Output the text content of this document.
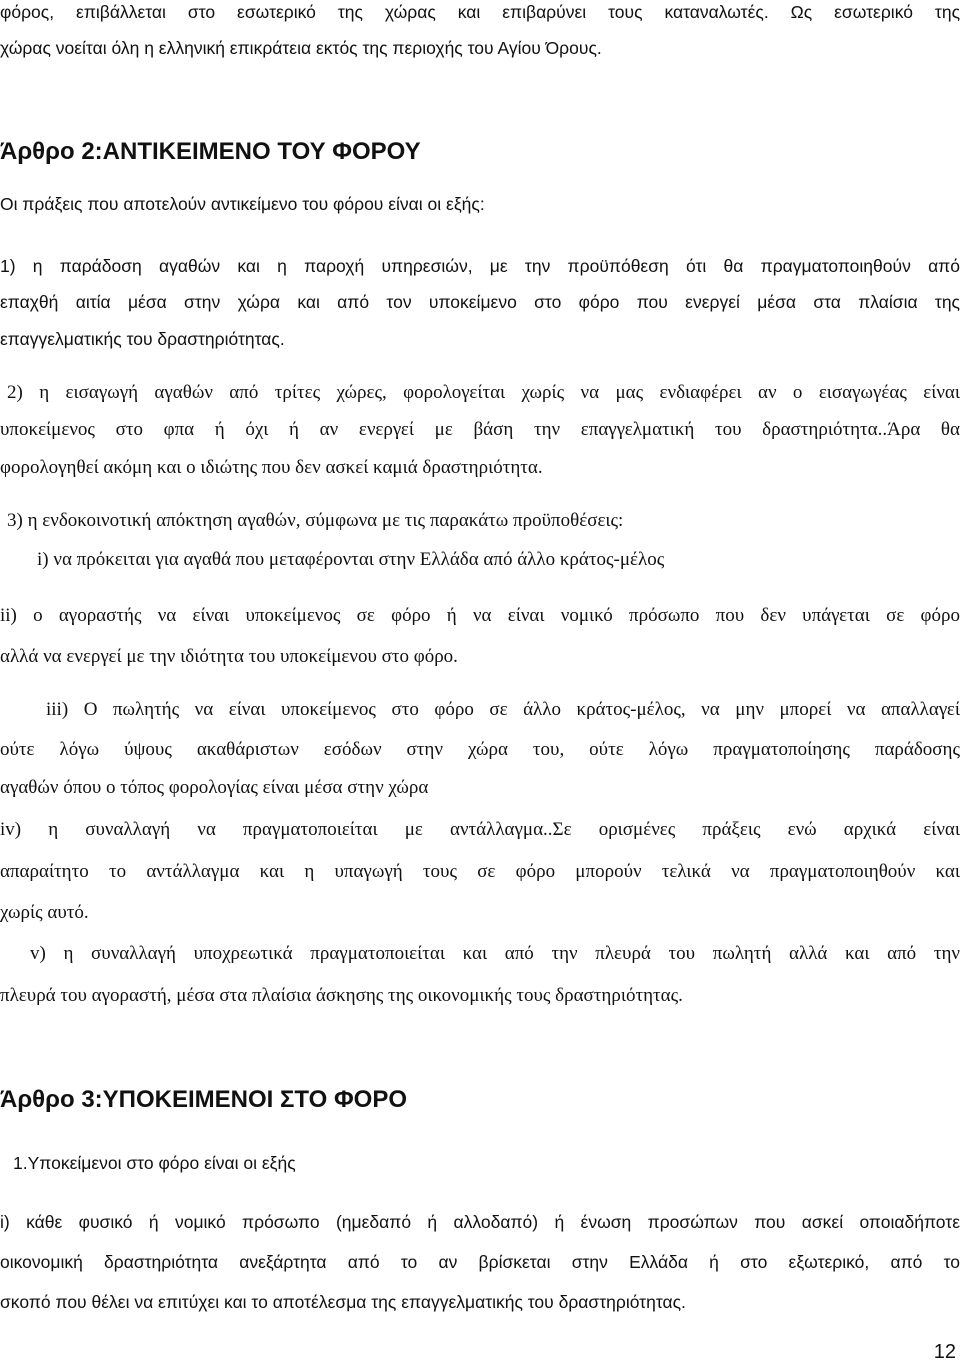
φόρος, επιβάλλεται στο εσωτερικό της χώρας και επιβαρύνει τους καταναλωτές. Ως εσωτερικό της

χώρας νοείται όλη η ελληνική επικράτεια εκτός της περιοχής του Αγίου Όρους.

Άρθρο 2:ΑΝΤΙΚΕΙΜΕΝΟ ΤΟΥ ΦΟΡΟΥ

Οι πράξεις που αποτελούν αντικείμενο του φόρου είναι οι εξής:

1) η παράδοση αγαθών και η παροχή υπηρεσιών, με την προϋπόθεση ότι θα πραγματοποιηθούν από

επαχθή αιτία μέσα στην χώρα και από τον υποκείμενο στο φόρο που ενεργεί μέσα στα πλαίσια της

επαγγελματικής του δραστηριότητας.

2) η εισαγωγή αγαθών από τρίτες χώρες, φορολογείται χωρίς να μας ενδιαφέρει αν ο εισαγωγέας είναι

υποκείμενος στο φπα ή όχι ή αν ενεργεί με βάση την επαγγελματική του δραστηριότητα..Άρα θα

φορολογηθεί ακόμη και ο ιδιώτης που δεν ασκεί καμιά δραστηριότητα.

3) η ενδοκοινοτική απόκτηση αγαθών, σύμφωνα με τις παρακάτω προϋποθέσεις:

i) να πρόκειται για αγαθά που μεταφέρονται στην Ελλάδα από άλλο κράτος-μέλος

ii) ο αγοραστής να είναι υποκείμενος σε φόρο ή να είναι νομικό πρόσωπο που δεν υπάγεται σε φόρο

αλλά να ενεργεί με την ιδιότητα του υποκείμενου στο φόρο.

iii) Ο πωλητής να είναι υποκείμενος στο φόρο σε άλλο κράτος-μέλος, να μην μπορεί να απαλλαγεί

ούτε λόγω ύψους ακαθάριστων εσόδων στην χώρα του, ούτε λόγω πραγματοποίησης παράδοσης

αγαθών όπου ο τόπος φορολογίας είναι μέσα στην χώρα

iv) η συναλλαγή να πραγματοποιείται με αντάλλαγμα..Σε ορισμένες πράξεις ενώ αρχικά είναι

απαραίτητο το αντάλλαγμα και η υπαγωγή τους σε φόρο μπορούν τελικά να πραγματοποιηθούν και

χωρίς αυτό.

v) η συναλλαγή υποχρεωτικά πραγματοποιείται και από την πλευρά του πωλητή αλλά και από την

πλευρά του αγοραστή, μέσα στα πλαίσια άσκησης της οικονομικής τους δραστηριότητας.

Άρθρο 3:ΥΠΟΚΕΙΜΕΝΟΙ ΣΤΟ ΦΟΡΟ

1.Υποκείμενοι στο φόρο είναι οι εξής

i) κάθε φυσικό ή νομικό πρόσωπο (ημεδαπό ή αλλοδαπό) ή ένωση προσώπων που ασκεί οποιαδήποτε

οικονομική δραστηριότητα ανεξάρτητα από το αν βρίσκεται στην Ελλάδα ή στο εξωτερικό, από το

σκοπό που θέλει να επιτύχει και το αποτέλεσμα της επαγγελματικής του δραστηριότητας.

12
